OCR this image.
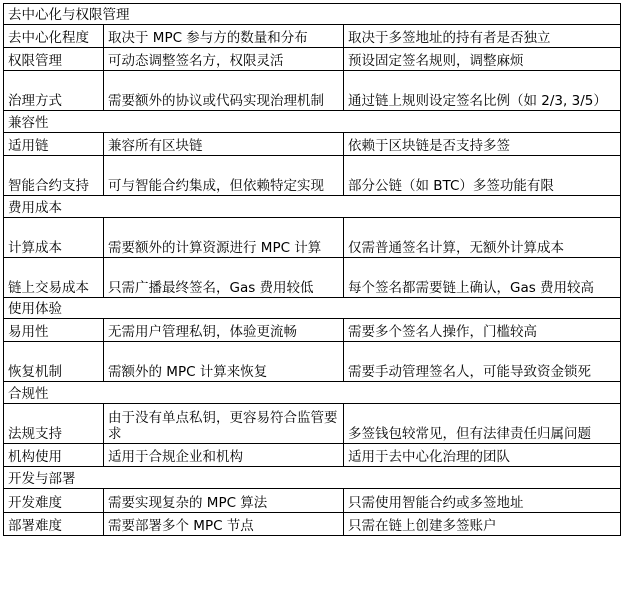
去中心化与权限管理		
去中心化程度	取决于 MPC 参与方的数量和分布	取决于多签地址的持有者是否独立
权限管理	可动态调整签名方，权限灵活	预设固定签名规则，调整麻烦
治理方式	需要额外的协议或代码实现治理机制	通过链上规则设定签名比例（如 2/3, 3/5）
兼容性		
适用链	兼容所有区块链	依赖于区块链是否支持多签
智能合约支持	可与智能合约集成，但依赖特定实现	部分公链（如 BTC）多签功能有限
费用成本		
计算成本	需要额外的计算资源进行 MPC 计算	仅需普通签名计算，无额外计算成本
链上交易成本	只需广播最终签名，Gas 费用较低	每个签名都需要链上确认，Gas 费用较高
使用体验		
易用性	无需用户管理私钥，体验更流畅	需要多个签名人操作，门槛较高
恢复机制	需额外的 MPC 计算来恢复	需要手动管理签名人，可能导致资金锁死
合规性		
法规支持	由于没有单点私钥，更容易符合监管要求	多签钱包较常见，但有法律责任归属问题
机构使用	适用于合规企业和机构	适用于去中心化治理的团队
开发与部署		
开发难度	需要实现复杂的 MPC 算法	只需使用智能合约或多签地址
部署难度	需要部署多个 MPC 节点	只需在链上创建多签账户
